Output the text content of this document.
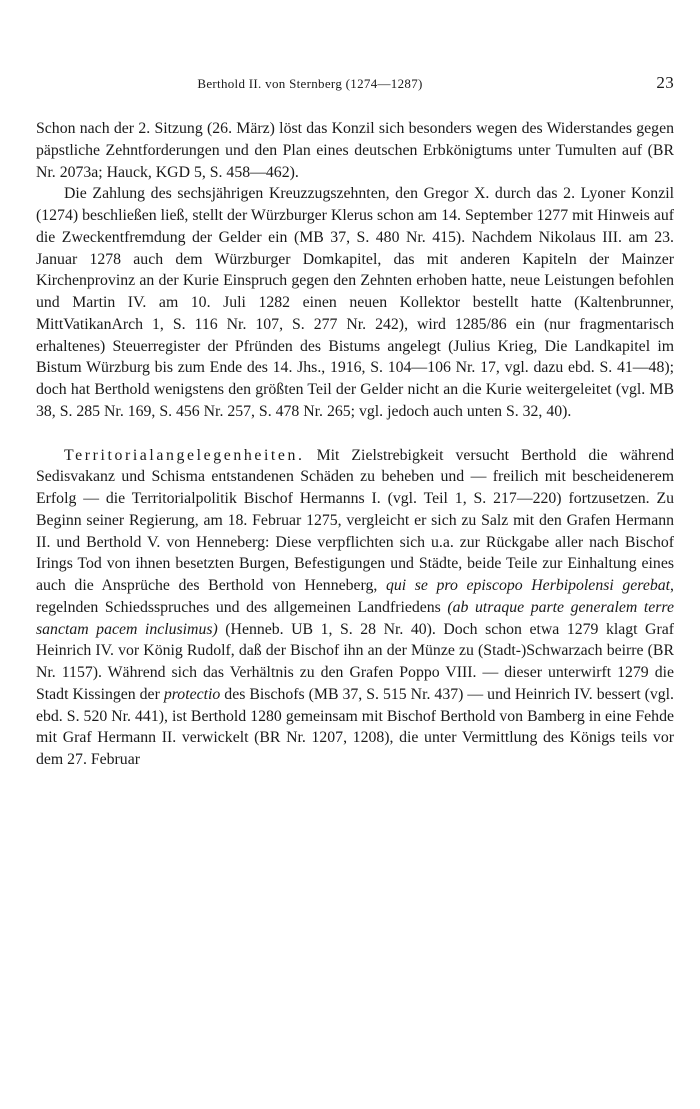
Berthold II. von Sternberg (1274—1287)	23

Schon nach der 2. Sitzung (26. März) löst das Konzil sich besonders wegen des Widerstandes gegen päpstliche Zehntforderungen und den Plan eines deutschen Erbkönigtums unter Tumulten auf (BR Nr. 2073a; Hauck, KGD 5, S. 458—462).

Die Zahlung des sechsjährigen Kreuzzugszehnten, den Gregor X. durch das 2. Lyoner Konzil (1274) beschließen ließ, stellt der Würzburger Klerus schon am 14. September 1277 mit Hinweis auf die Zweckentfremdung der Gelder ein (MB 37, S. 480 Nr. 415). Nachdem Nikolaus III. am 23. Januar 1278 auch dem Würzburger Domkapitel, das mit anderen Kapiteln der Mainzer Kirchenprovinz an der Kurie Einspruch gegen den Zehnten erhoben hatte, neue Leistungen befohlen und Martin IV. am 10. Juli 1282 einen neuen Kollektor bestellt hatte (Kaltenbrunner, MittVatikanArch 1, S. 116 Nr. 107, S. 277 Nr. 242), wird 1285/86 ein (nur fragmentarisch erhaltenes) Steuerregister der Pfründen des Bistums angelegt (Julius Krieg, Die Landkapitel im Bistum Würzburg bis zum Ende des 14. Jhs., 1916, S. 104—106 Nr. 17, vgl. dazu ebd. S. 41—48); doch hat Berthold wenigstens den größten Teil der Gelder nicht an die Kurie weitergeleitet (vgl. MB 38, S. 285 Nr. 169, S. 456 Nr. 257, S. 478 Nr. 265; vgl. jedoch auch unten S. 32, 40).

Territorialangelegenheiten. Mit Zielstrebigkeit versucht Berthold die während Sedisvakanz und Schisma entstandenen Schäden zu beheben und — freilich mit bescheidenerem Erfolg — die Territorialpolitik Bischof Hermanns I. (vgl. Teil 1, S. 217—220) fortzusetzen. Zu Beginn seiner Regierung, am 18. Februar 1275, vergleicht er sich zu Salz mit den Grafen Hermann II. und Berthold V. von Henneberg: Diese verpflichten sich u.a. zur Rückgabe aller nach Bischof Irings Tod von ihnen besetzten Burgen, Befestigungen und Städte, beide Teile zur Einhaltung eines auch die Ansprüche des Berthold von Henneberg, qui se pro episcopo Herbipolensi gerebat, regelnden Schiedsspruches und des allgemeinen Landfriedens (ab utraque parte generalem terre sanctam pacem inclusimus) (Henneb. UB 1, S. 28 Nr. 40). Doch schon etwa 1279 klagt Graf Heinrich IV. vor König Rudolf, daß der Bischof ihn an der Münze zu (Stadt-)Schwarzach beirre (BR Nr. 1157). Während sich das Verhältnis zu den Grafen Poppo VIII. — dieser unterwirft 1279 die Stadt Kissingen der protectio des Bischofs (MB 37, S. 515 Nr. 437) — und Heinrich IV. bessert (vgl. ebd. S. 520 Nr. 441), ist Berthold 1280 gemeinsam mit Bischof Berthold von Bamberg in eine Fehde mit Graf Hermann II. verwickelt (BR Nr. 1207, 1208), die unter Vermittlung des Königs teils vor dem 27. Februar
